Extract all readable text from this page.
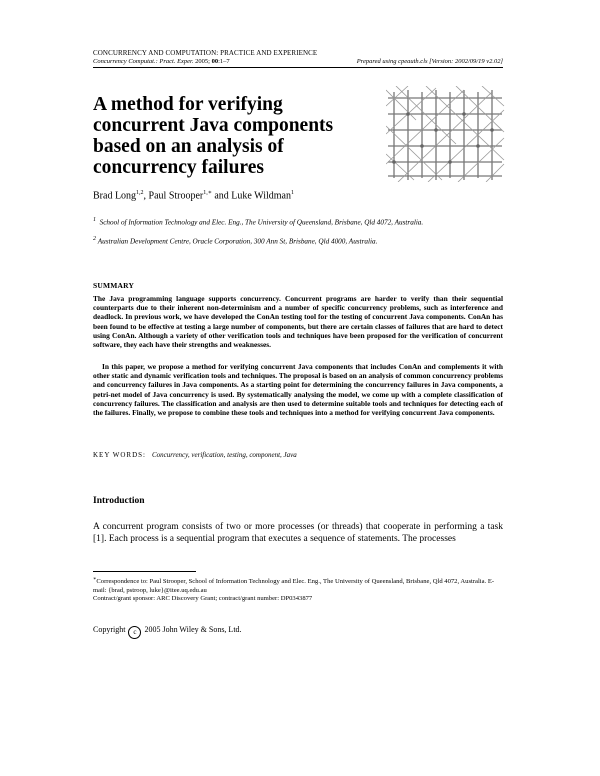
CONCURRENCY AND COMPUTATION: PRACTICE AND EXPERIENCE
Concurrency Computat.: Pract. Exper. 2005; 00:1–7	Prepared using cpeauth.cls [Version: 2002/09/19 v2.02]
A method for verifying concurrent Java components based on an analysis of concurrency failures
Brad Long$^{1,2}$, Paul Strooper$^{1,∗}$ and Luke Wildman$^1$
$^1$ School of Information Technology and Elec. Eng., The University of Queensland, Brisbane, Qld 4072, Australia.
$^2$ Australian Development Centre, Oracle Corporation, 300 Ann St, Brisbane, Qld 4000, Australia.
SUMMARY
The Java programming language supports concurrency. Concurrent programs are harder to verify than their sequential counterparts due to their inherent non-determinism and a number of specific concurrency problems, such as interference and deadlock. In previous work, we have developed the ConAn testing tool for the testing of concurrent Java components. ConAn has been found to be effective at testing a large number of components, but there are certain classes of failures that are hard to detect using ConAn. Although a variety of other verification tools and techniques have been proposed for the verification of concurrent software, they each have their strengths and weaknesses.
In this paper, we propose a method for verifying concurrent Java components that includes ConAn and complements it with other static and dynamic verification tools and techniques. The proposal is based on an analysis of common concurrency problems and concurrency failures in Java components. As a starting point for determining the concurrency failures in Java components, a petri-net model of Java concurrency is used. By systematically analysing the model, we come up with a complete classification of concurrency failures. The classification and analysis are then used to determine suitable tools and techniques for detecting each of the failures. Finally, we propose to combine these tools and techniques into a method for verifying concurrent Java components.
KEY WORDS: Concurrency, verification, testing, component, Java
Introduction
A concurrent program consists of two or more processes (or threads) that cooperate in performing a task [1]. Each process is a sequential program that executes a sequence of statements. The processes
∗Correspondence to: Paul Strooper, School of Information Technology and Elec. Eng., The University of Queensland, Brisbane, Qld 4072, Australia. E-mail: {brad, pstroop, luke}@itee.uq.edu.au
Contract/grant sponsor: ARC Discovery Grant; contract/grant number: DP0343877
Copyright c 2005 John Wiley & Sons, Ltd.
